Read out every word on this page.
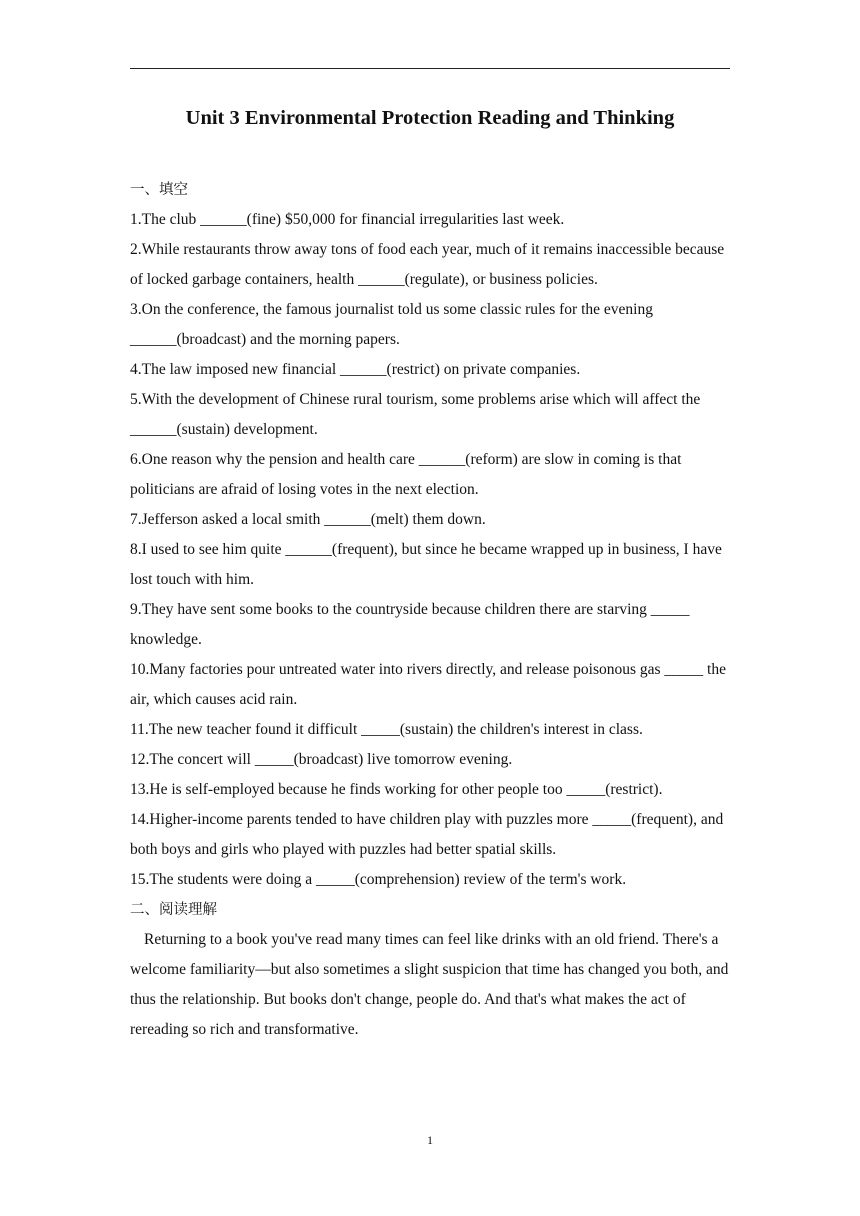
Unit 3 Environmental Protection Reading and Thinking

一、填空

1.The club ______(fine) $50,000 for financial irregularities last week.

2.While restaurants throw away tons of food each year, much of it remains inaccessible because of locked garbage containers, health ______(regulate), or business policies.

3.On the conference, the famous journalist told us some classic rules for the evening ______(broadcast) and the morning papers.

4.The law imposed new financial ______(restrict) on private companies.

5.With the development of Chinese rural tourism, some problems arise which will affect the ______(sustain) development.

6.One reason why the pension and health care ______(reform) are slow in coming is that politicians are afraid of losing votes in the next election.

7.Jefferson asked a local smith ______(melt) them down.

8.I used to see him quite ______(frequent), but since he became wrapped up in business, I have lost touch with him.

9.They have sent some books to the countryside because children there are starving _____ knowledge.

10.Many factories pour untreated water into rivers directly, and release poisonous gas _____ the air, which causes acid rain.

11.The new teacher found it difficult _____(sustain) the children's interest in class.

12.The concert will _____(broadcast) live tomorrow evening.

13.He is self-employed because he finds working for other people too _____(restrict).

14.Higher-income parents tended to have children play with puzzles more _____(frequent), and both boys and girls who played with puzzles had better spatial skills.

15.The students were doing a _____(comprehension) review of the term's work.

二、阅读理解

Returning to a book you've read many times can feel like drinks with an old friend. There's a welcome familiarity—but also sometimes a slight suspicion that time has changed you both, and thus the relationship. But books don't change, people do. And that's what makes the act of rereading so rich and transformative.

1
